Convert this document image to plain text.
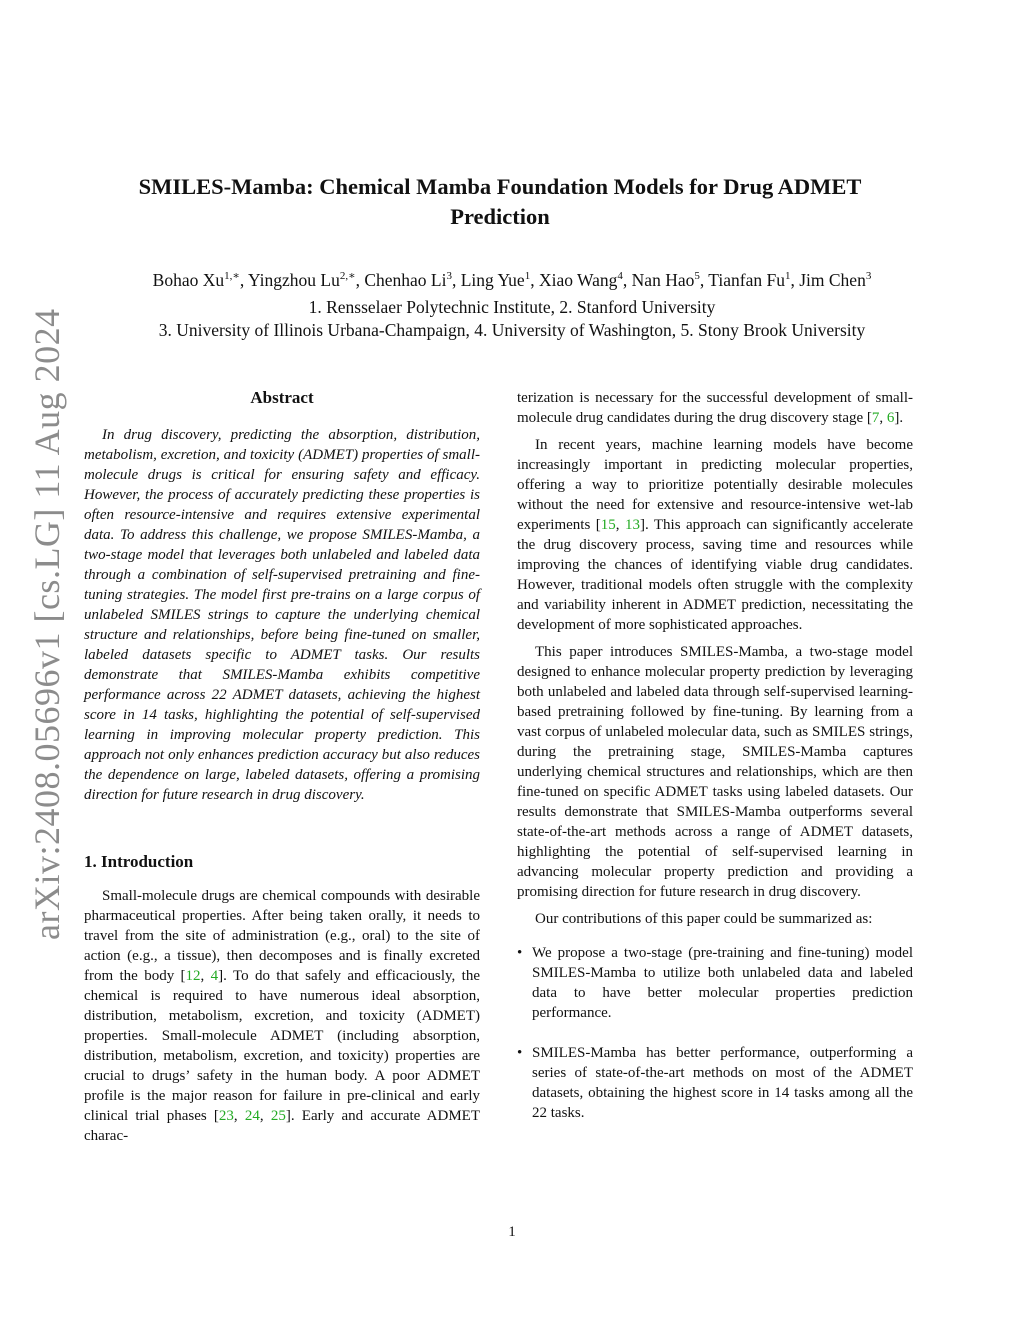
arXiv:2408.05696v1 [cs.LG] 11 Aug 2024
SMILES-Mamba: Chemical Mamba Foundation Models for Drug ADMET Prediction
Bohao $Xu^{1,∗}$, Yingzhou $Lu^{2,∗}$, Chenhao Li$^3$, Ling Yue$^1$, Xiao Wang$^4$, Nan Hao$^5$, Tianfan Fu$^1$, Jim Chen$^3$
1. Rensselaer Polytechnic Institute, 2. Stanford University
3. University of Illinois Urbana-Champaign, 4. University of Washington, 5. Stony Brook University
Abstract

In drug discovery, predicting the absorption, distribution, metabolism, excretion, and toxicity (ADMET) properties of small-molecule drugs is critical for ensuring safety and efficacy. However, the process of accurately predicting these properties is often resource-intensive and requires extensive experimental data. To address this challenge, we propose SMILES-Mamba, a two-stage model that leverages both unlabeled and labeled data through a combination of self-supervised pretraining and fine-tuning strategies. The model first pre-trains on a large corpus of unlabeled SMILES strings to capture the underlying chemical structure and relationships, before being fine-tuned on smaller, labeled datasets specific to ADMET tasks. Our results demonstrate that SMILES-Mamba exhibits competitive performance across 22 ADMET datasets, achieving the highest score in 14 tasks, highlighting the potential of self-supervised learning in improving molecular property prediction. This approach not only enhances prediction accuracy but also reduces the dependence on large, labeled datasets, offering a promising direction for future research in drug discovery.

1. Introduction

Small-molecule drugs are chemical compounds with desirable pharmaceutical properties. After being taken orally, it needs to travel from the site of administration (e.g., oral) to the site of action (e.g., a tissue), then decomposes and is finally excreted from the body [12, 4]. To do that safely and efficaciously, the chemical is required to have numerous ideal absorption, distribution, metabolism, excretion, and toxicity (ADMET) properties. Small-molecule ADMET (including absorption, distribution, metabolism, excretion, and toxicity) properties are crucial to drugs’ safety in the human body. A poor ADMET profile is the major reason for failure in pre-clinical and early clinical trial phases [23, 24, 25]. Early and accurate ADMET charac-

terization is necessary for the successful development of small-molecule drug candidates during the drug discovery stage [7, 6].

In recent years, machine learning models have become increasingly important in predicting molecular properties, offering a way to prioritize potentially desirable molecules without the need for extensive and resource-intensive wet-lab experiments [15, 13]. This approach can significantly accelerate the drug discovery process, saving time and resources while improving the chances of identifying viable drug candidates. However, traditional models often struggle with the complexity and variability inherent in ADMET prediction, necessitating the development of more sophisticated approaches.

This paper introduces SMILES-Mamba, a two-stage model designed to enhance molecular property prediction by leveraging both unlabeled and labeled data through self-supervised learning-based pretraining followed by fine-tuning. By learning from a vast corpus of unlabeled molecular data, such as SMILES strings, during the pretraining stage, SMILES-Mamba captures underlying chemical structures and relationships, which are then fine-tuned on specific ADMET tasks using labeled datasets. Our results demonstrate that SMILES-Mamba outperforms several state-of-the-art methods across a range of ADMET datasets, highlighting the potential of self-supervised learning in advancing molecular property prediction and providing a promising direction for future research in drug discovery.

Our contributions of this paper could be summarized as:

• We propose a two-stage (pre-training and fine-tuning) model SMILES-Mamba to utilize both unlabeled data and labeled data to have better molecular properties prediction performance.
• SMILES-Mamba has better performance, outperforming a series of state-of-the-art methods on most of the ADMET datasets, obtaining the highest score in 14 tasks among all the 22 tasks.
1
